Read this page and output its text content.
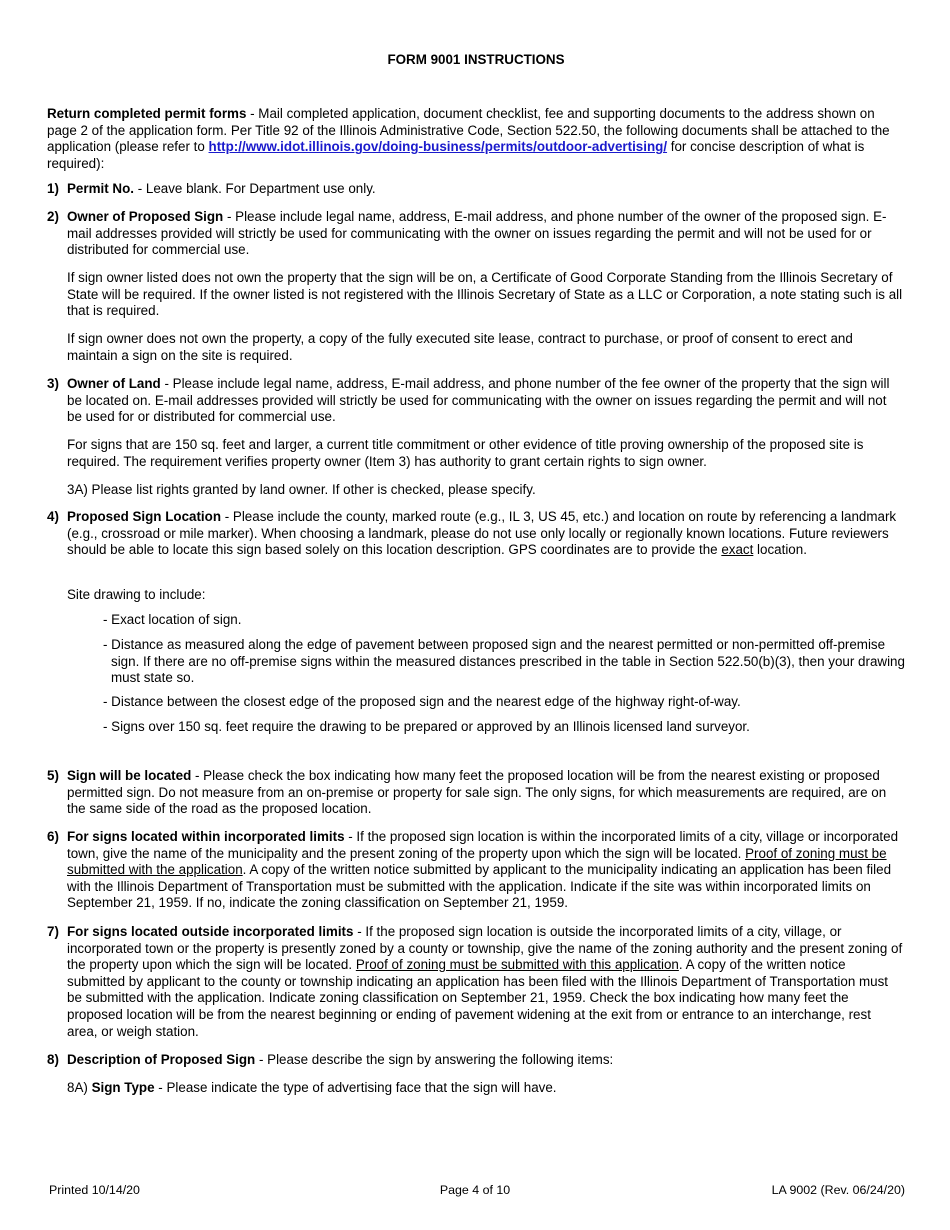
FORM 9001 INSTRUCTIONS
Return completed permit forms - Mail completed application, document checklist, fee and supporting documents to the address shown on page 2 of the application form. Per Title 92 of the Illinois Administrative Code, Section 522.50, the following documents shall be attached to the application (please refer to http://www.idot.illinois.gov/doing-business/permits/outdoor-advertising/ for concise description of what is required):
1) Permit No. - Leave blank. For Department use only.
2) Owner of Proposed Sign - Please include legal name, address, E-mail address, and phone number of the owner of the proposed sign. E-mail addresses provided will strictly be used for communicating with the owner on issues regarding the permit and will not be used for or distributed for commercial use.
If sign owner listed does not own the property that the sign will be on, a Certificate of Good Corporate Standing from the Illinois Secretary of State will be required. If the owner listed is not registered with the Illinois Secretary of State as a LLC or Corporation, a note stating such is all that is required.
If sign owner does not own the property, a copy of the fully executed site lease, contract to purchase, or proof of consent to erect and maintain a sign on the site is required.
3) Owner of Land - Please include legal name, address, E-mail address, and phone number of the fee owner of the property that the sign will be located on. E-mail addresses provided will strictly be used for communicating with the owner on issues regarding the permit and will not be used for or distributed for commercial use.
For signs that are 150 sq. feet and larger, a current title commitment or other evidence of title proving ownership of the proposed site is required. The requirement verifies property owner (Item 3) has authority to grant certain rights to sign owner.
3A) Please list rights granted by land owner. If other is checked, please specify.
4) Proposed Sign Location - Please include the county, marked route (e.g., IL 3, US 45, etc.) and location on route by referencing a landmark (e.g., crossroad or mile marker). When choosing a landmark, please do not use only locally or regionally known locations. Future reviewers should be able to locate this sign based solely on this location description. GPS coordinates are to provide the exact location.
Site drawing to include:
- Exact location of sign.
- Distance as measured along the edge of pavement between proposed sign and the nearest permitted or non-permitted off-premise sign. If there are no off-premise signs within the measured distances prescribed in the table in Section 522.50(b)(3), then your drawing must state so.
- Distance between the closest edge of the proposed sign and the nearest edge of the highway right-of-way.
- Signs over 150 sq. feet require the drawing to be prepared or approved by an Illinois licensed land surveyor.
5) Sign will be located - Please check the box indicating how many feet the proposed location will be from the nearest existing or proposed permitted sign. Do not measure from an on-premise or property for sale sign. The only signs, for which measurements are required, are on the same side of the road as the proposed location.
6) For signs located within incorporated limits - If the proposed sign location is within the incorporated limits of a city, village or incorporated town, give the name of the municipality and the present zoning of the property upon which the sign will be located. Proof of zoning must be submitted with the application. A copy of the written notice submitted by applicant to the municipality indicating an application has been filed with the Illinois Department of Transportation must be submitted with the application. Indicate if the site was within incorporated limits on September 21, 1959. If no, indicate the zoning classification on September 21, 1959.
7) For signs located outside incorporated limits - If the proposed sign location is outside the incorporated limits of a city, village, or incorporated town or the property is presently zoned by a county or township, give the name of the zoning authority and the present zoning of the property upon which the sign will be located. Proof of zoning must be submitted with this application. A copy of the written notice submitted by applicant to the county or township indicating an application has been filed with the Illinois Department of Transportation must be submitted with the application. Indicate zoning classification on September 21, 1959. Check the box indicating how many feet the proposed location will be from the nearest beginning or ending of pavement widening at the exit from or entrance to an interchange, rest area, or weigh station.
8) Description of Proposed Sign - Please describe the sign by answering the following items:
8A) Sign Type - Please indicate the type of advertising face that the sign will have.
Printed 10/14/20	Page 4 of 10	LA 9002 (Rev. 06/24/20)
